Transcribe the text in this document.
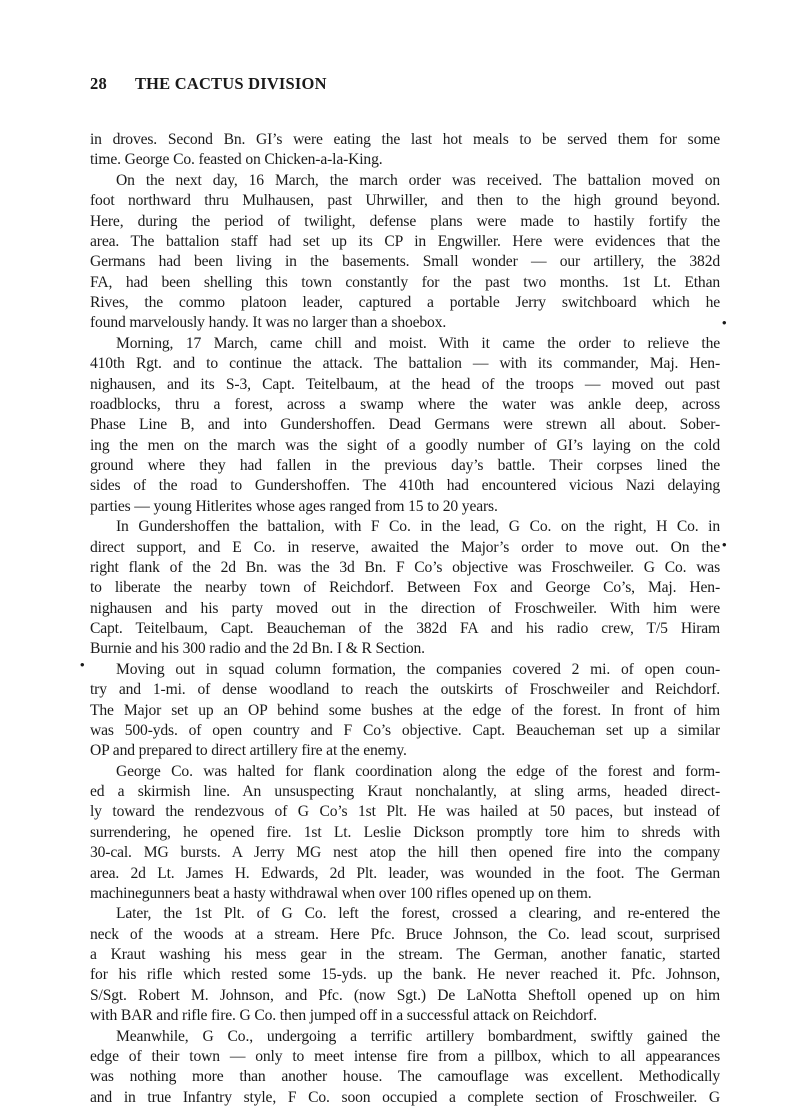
28 THE CACTUS DIVISION
in droves. Second Bn. GI’s were eating the last hot meals to be served them for some
time. George Co. feasted on Chicken-a-la-King.
On the next day, 16 March, the march order was received. The battalion moved on
foot northward thru Mulhausen, past Uhrwiller, and then to the high ground beyond.
Here, during the period of twilight, defense plans were made to hastily fortify the
area. The battalion staff had set up its CP in Engwiller. Here were evidences that the
Germans had been living in the basements. Small wonder — our artillery, the 382d
FA, had been shelling this town constantly for the past two months. 1st Lt. Ethan
Rives, the commo platoon leader, captured a portable Jerry switchboard which he
found marvelously handy. It was no larger than a shoebox.
Morning, 17 March, came chill and moist. With it came the order to relieve the
410th Rgt. and to continue the attack. The battalion — with its commander, Maj. Hen-
nighausen, and its S-3, Capt. Teitelbaum, at the head of the troops — moved out past
roadblocks, thru a forest, across a swamp where the water was ankle deep, across
Phase Line B, and into Gundershoffen. Dead Germans were strewn all about. Sober-
ing the men on the march was the sight of a goodly number of GI’s laying on the cold
ground where they had fallen in the previous day’s battle. Their corpses lined the
sides of the road to Gundershoffen. The 410th had encountered vicious Nazi delaying
parties — young Hitlerites whose ages ranged from 15 to 20 years.
In Gundershoffen the battalion, with F Co. in the lead, G Co. on the right, H Co. in
direct support, and E Co. in reserve, awaited the Major’s order to move out. On the
right flank of the 2d Bn. was the 3d Bn. F Co’s objective was Froschweiler. G Co. was
to liberate the nearby town of Reichdorf. Between Fox and George Co’s, Maj. Hen-
nighausen and his party moved out in the direction of Froschweiler. With him were
Capt. Teitelbaum, Capt. Beaucheman of the 382d FA and his radio crew, T/5 Hiram
Burnie and his 300 radio and the 2d Bn. I & R Section.
Moving out in squad column formation, the companies covered 2 mi. of open coun-
try and 1-mi. of dense woodland to reach the outskirts of Froschweiler and Reichdorf.
The Major set up an OP behind some bushes at the edge of the forest. In front of him
was 500-yds. of open country and F Co’s objective. Capt. Beaucheman set up a similar
OP and prepared to direct artillery fire at the enemy.
George Co. was halted for flank coordination along the edge of the forest and form-
ed a skirmish line. An unsuspecting Kraut nonchalantly, at sling arms, headed direct-
ly toward the rendezvous of G Co’s 1st Plt. He was hailed at 50 paces, but instead of
surrendering, he opened fire. 1st Lt. Leslie Dickson promptly tore him to shreds with
30-cal. MG bursts. A Jerry MG nest atop the hill then opened fire into the company
area. 2d Lt. James H. Edwards, 2d Plt. leader, was wounded in the foot. The German
machinegunners beat a hasty withdrawal when over 100 rifles opened up on them.
Later, the 1st Plt. of G Co. left the forest, crossed a clearing, and re-entered the
neck of the woods at a stream. Here Pfc. Bruce Johnson, the Co. lead scout, surprised
a Kraut washing his mess gear in the stream. The German, another fanatic, started
for his rifle which rested some 15-yds. up the bank. He never reached it. Pfc. Johnson,
S/Sgt. Robert M. Johnson, and Pfc. (now Sgt.) De LaNotta Sheftoll opened up on him
with BAR and rifle fire. G Co. then jumped off in a successful attack on Reichdorf.
Meanwhile, G Co., undergoing a terrific artillery bombardment, swiftly gained the
edge of their town — only to meet intense fire from a pillbox, which to all appearances
was nothing more than another house. The camouflage was excellent. Methodically
and in true Infantry style, F Co. soon occupied a complete section of Froschweiler. G
•
•
•
